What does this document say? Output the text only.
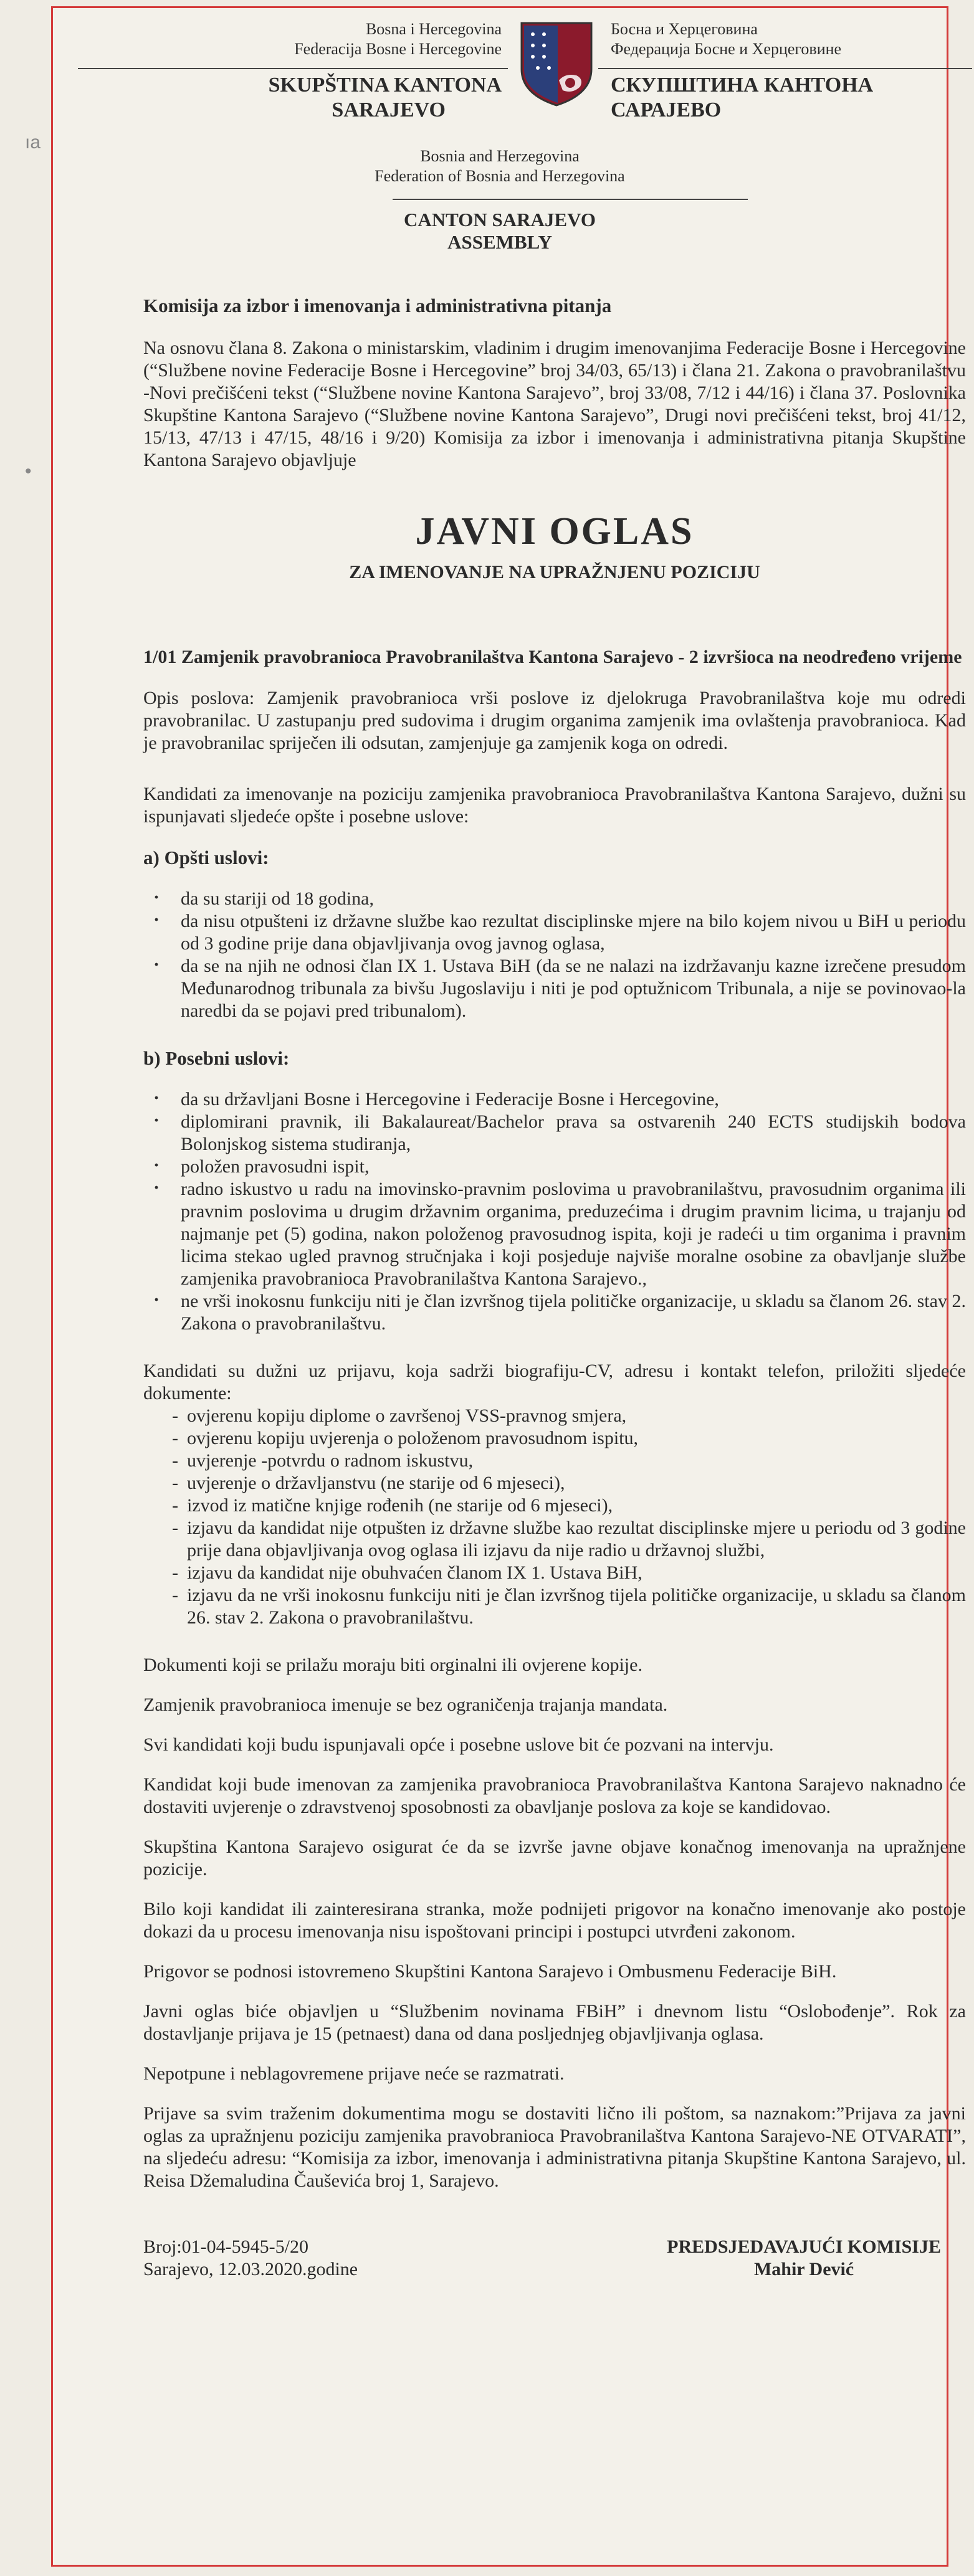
ıa
•

Bosna i Hercegovina

Federacija Bosne i Hercegovine

SKUPŠTINA KANTONA

SARAJEVO

Босна и Херцеговина

Федерација Босне и Херцеговине

СКУПШТИНА КАНТОНА

САРАЈЕВО

Bosnia and Herzegovina

Federation of Bosnia and Herzegovina

CANTON SARAJEVO

ASSEMBLY

Komisija za izbor i imenovanja i administrativna pitanja

Na osnovu člana 8. Zakona o ministarskim, vladinim i drugim imenovanjima Federacije Bosne i Hercegovine (“Službene novine Federacije Bosne i Hercegovine” broj 34/03, 65/13) i člana 21. Zakona o pravobranilaštvu -Novi prečišćeni tekst (“Službene novine Kantona Sarajevo”, broj 33/08, 7/12 i 44/16) i člana 37. Poslovnika Skupštine Kantona Sarajevo (“Službene novine Kantona Sarajevo”, Drugi novi prečišćeni tekst, broj 41/12, 15/13, 47/13 i 47/15, 48/16 i 9/20) Komisija za izbor i imenovanja i administrativna pitanja Skupštine Kantona Sarajevo objavljuje

JAVNI OGLAS

ZA IMENOVANJE NA UPRAŽNJENU POZICIJU

1/01 Zamjenik pravobranioca Pravobranilaštva Kantona Sarajevo - 2 izvršioca na neodređeno vrijeme

Opis poslova: Zamjenik pravobranioca vrši poslove iz djelokruga Pravobranilaštva koje mu odredi pravobranilac. U zastupanju pred sudovima i drugim organima zamjenik ima ovlaštenja pravobranioca. Kad je pravobranilac spriječen ili odsutan, zamjenjuje ga zamjenik koga on odredi.

Kandidati za imenovanje na poziciju zamjenika pravobranioca Pravobranilaštva Kantona Sarajevo, dužni su ispunjavati sljedeće opšte i posebne uslove:

a) Opšti uslovi:

· da su stariji od 18 godina,
· da nisu otpušteni iz državne službe kao rezultat disciplinske mjere na bilo kojem nivou u BiH u periodu od 3 godine prije dana objavljivanja ovog javnog oglasa,
· da se na njih ne odnosi član IX 1. Ustava BiH (da se ne nalazi na izdržavanju kazne izrečene presudom Međunarodnog tribunala za bivšu Jugoslaviju i niti je pod optužnicom Tribunala, a nije se povinovao-la naredbi da se pojavi pred tribunalom).

b) Posebni uslovi:

· da su državljani Bosne i Hercegovine i Federacije Bosne i Hercegovine,
· diplomirani pravnik, ili Bakalaureat/Bachelor prava sa ostvarenih 240 ECTS studijskih bodova Bolonjskog sistema studiranja,
· položen pravosudni ispit,
· radno iskustvo u radu na imovinsko-pravnim poslovima u pravobranilaštvu, pravosudnim organima ili pravnim poslovima u drugim državnim organima, preduzećima i drugim pravnim licima, u trajanju od najmanje pet (5) godina, nakon položenog pravosudnog ispita, koji je radeći u tim organima i pravnim licima stekao ugled pravnog stručnjaka i koji posjeduje najviše moralne osobine za obavljanje službe zamjenika pravobranioca Pravobranilaštva Kantona Sarajevo.,
· ne vrši inokosnu funkciju niti je član izvršnog tijela političke organizacije, u skladu sa članom 26. stav 2. Zakona o pravobranilaštvu.

Kandidati su dužni uz prijavu, koja sadrži biografiju-CV, adresu i kontakt telefon, priložiti sljedeće dokumente:

- ovjerenu kopiju diplome o završenoj VSS-pravnog smjera,
- ovjerenu kopiju uvjerenja o položenom pravosudnom ispitu,
- uvjerenje -potvrdu o radnom iskustvu,
- uvjerenje o državljanstvu (ne starije od 6 mjeseci),
- izvod iz matične knjige rođenih (ne starije od 6 mjeseci),
- izjavu da kandidat nije otpušten iz državne službe kao rezultat disciplinske mjere u periodu od 3 godine prije dana objavljivanja ovog oglasa ili izjavu da nije radio u državnoj službi,
- izjavu da kandidat nije obuhvaćen članom IX 1. Ustava BiH,
- izjavu da ne vrši inokosnu funkciju niti je član izvršnog tijela političke organizacije, u skladu sa članom 26. stav 2. Zakona o pravobranilaštvu.

Dokumenti koji se prilažu moraju biti orginalni ili ovjerene kopije.

Zamjenik pravobranioca imenuje se bez ograničenja trajanja mandata.

Svi kandidati koji budu ispunjavali opće i posebne uslove bit će pozvani na intervju.

Kandidat koji bude imenovan za zamjenika pravobranioca Pravobranilaštva Kantona Sarajevo naknadno će dostaviti uvjerenje o zdravstvenoj sposobnosti za obavljanje poslova za koje se kandidovao.

Skupština Kantona Sarajevo osigurat će da se izvrše javne objave konačnog imenovanja na upražnjene pozicije.

Bilo koji kandidat ili zainteresirana stranka, može podnijeti prigovor na konačno imenovanje ako postoje dokazi da u procesu imenovanja nisu ispoštovani principi i postupci utvrđeni zakonom.

Prigovor se podnosi istovremeno Skupštini Kantona Sarajevo i Ombusmenu Federacije BiH.

Javni oglas biće objavljen u “Službenim novinama FBiH” i dnevnom listu “Oslobođenje”. Rok za dostavljanje prijava je 15 (petnaest) dana od dana posljednjeg objavljivanja oglasa.

Nepotpune i neblagovremene prijave neće se razmatrati.

Prijave sa svim traženim dokumentima mogu se dostaviti lično ili poštom, sa naznakom:”Prijava za javni oglas za upražnjenu poziciju zamjenika pravobranioca Pravobranilaštva Kantona Sarajevo-NE OTVARATI”, na sljedeću adresu: “Komisija za izbor, imenovanja i administrativna pitanja Skupštine Kantona Sarajevo, ul. Reisa Džemaludina Čauševića broj 1, Sarajevo.

Broj:01-04-5945-5/20

Sarajevo, 12.03.2020.godine

PREDSJEDAVAJUĆI KOMISIJE

Mahir Dević
